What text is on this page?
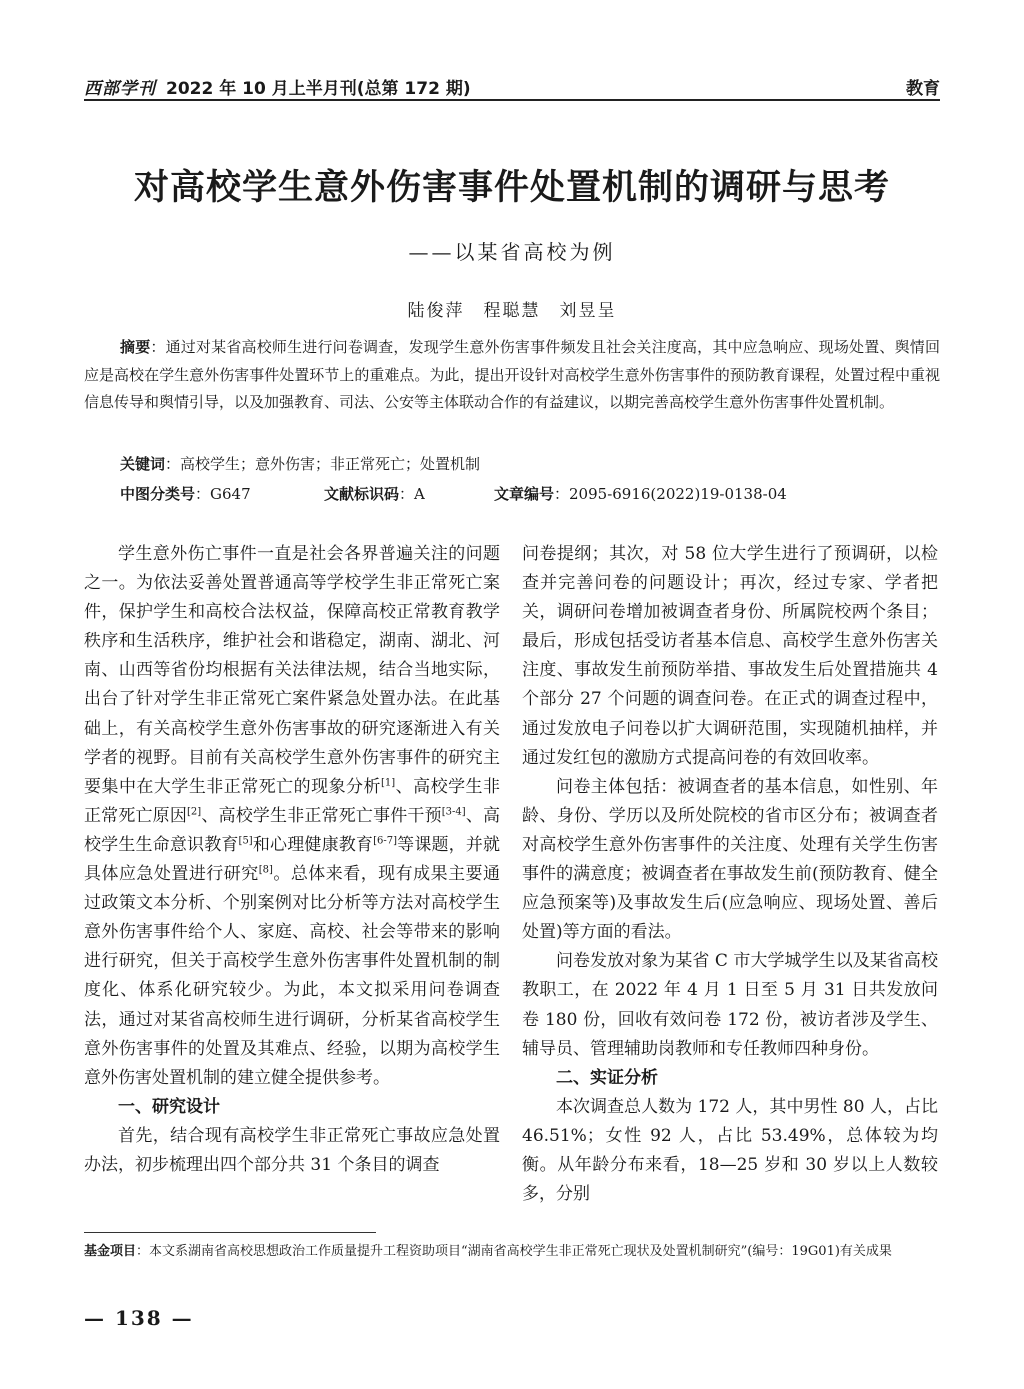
西部学刊 2022 年 10 月上半月刊(总第 172 期)	教育
对高校学生意外伤害事件处置机制的调研与思考
——以某省高校为例
陆俊萍　程聪慧　刘昱呈
摘要：通过对某省高校师生进行问卷调查，发现学生意外伤害事件频发且社会关注度高，其中应急响应、现场处置、舆情回应是高校在学生意外伤害事件处置环节上的重难点。为此，提出开设针对高校学生意外伤害事件的预防教育课程，处置过程中重视信息传导和舆情引导，以及加强教育、司法、公安等主体联动合作的有益建议，以期完善高校学生意外伤害事件处置机制。
关键词：高校学生；意外伤害；非正常死亡；处置机制
中图分类号：G647	文献标识码：A	文章编号：2095-6916(2022)19-0138-04

学生意外伤亡事件一直是社会各界普遍关注的问题之一。为依法妥善处置普通高等学校学生非正常死亡案件，保护学生和高校合法权益，保障高校正常教育教学秩序和生活秩序，维护社会和谐稳定，湖南、湖北、河南、山西等省份均根据有关法律法规，结合当地实际，出台了针对学生非正常死亡案件紧急处置办法。在此基础上，有关高校学生意外伤害事故的研究逐渐进入有关学者的视野。目前有关高校学生意外伤害事件的研究主要集中在大学生非正常死亡的现象分析[1]、高校学生非正常死亡原因[2]、高校学生非正常死亡事件干预[3-4]、高校学生生命意识教育[5]和心理健康教育[6-7]等课题，并就具体应急处置进行研究[8]。总体来看，现有成果主要通过政策文本分析、个别案例对比分析等方法对高校学生意外伤害事件给个人、家庭、高校、社会等带来的影响进行研究，但关于高校学生意外伤害事件处置机制的制度化、体系化研究较少。为此，本文拟采用问卷调查法，通过对某省高校师生进行调研，分析某省高校学生意外伤害事件的处置及其难点、经验，以期为高校学生意外伤害处置机制的建立健全提供参考。

一、研究设计

首先，结合现有高校学生非正常死亡事故应急处置办法，初步梳理出四个部分共 31 个条目的调查

问卷提纲；其次，对 58 位大学生进行了预调研，以检查并完善问卷的问题设计；再次，经过专家、学者把关，调研问卷增加被调查者身份、所属院校两个条目；最后，形成包括受访者基本信息、高校学生意外伤害关注度、事故发生前预防举措、事故发生后处置措施共 4 个部分 27 个问题的调查问卷。在正式的调查过程中，通过发放电子问卷以扩大调研范围，实现随机抽样，并通过发红包的激励方式提高问卷的有效回收率。

问卷主体包括：被调查者的基本信息，如性别、年龄、身份、学历以及所处院校的省市区分布；被调查者对高校学生意外伤害事件的关注度、处理有关学生伤害事件的满意度；被调查者在事故发生前(预防教育、健全应急预案等)及事故发生后(应急响应、现场处置、善后处置)等方面的看法。

问卷发放对象为某省 C 市大学城学生以及某省高校教职工，在 2022 年 4 月 1 日至 5 月 31 日共发放问卷 180 份，回收有效问卷 172 份，被访者涉及学生、辅导员、管理辅助岗教师和专任教师四种身份。

二、实证分析

本次调查总人数为 172 人，其中男性 80 人，占比 46.51%；女性 92 人，占比 53.49%，总体较为均衡。从年龄分布来看，18—25 岁和 30 岁以上人数较多，分别

基金项目：本文系湖南省高校思想政治工作质量提升工程资助项目“湖南省高校学生非正常死亡现状及处置机制研究”(编号：19G01)有关成果
— 138 —
